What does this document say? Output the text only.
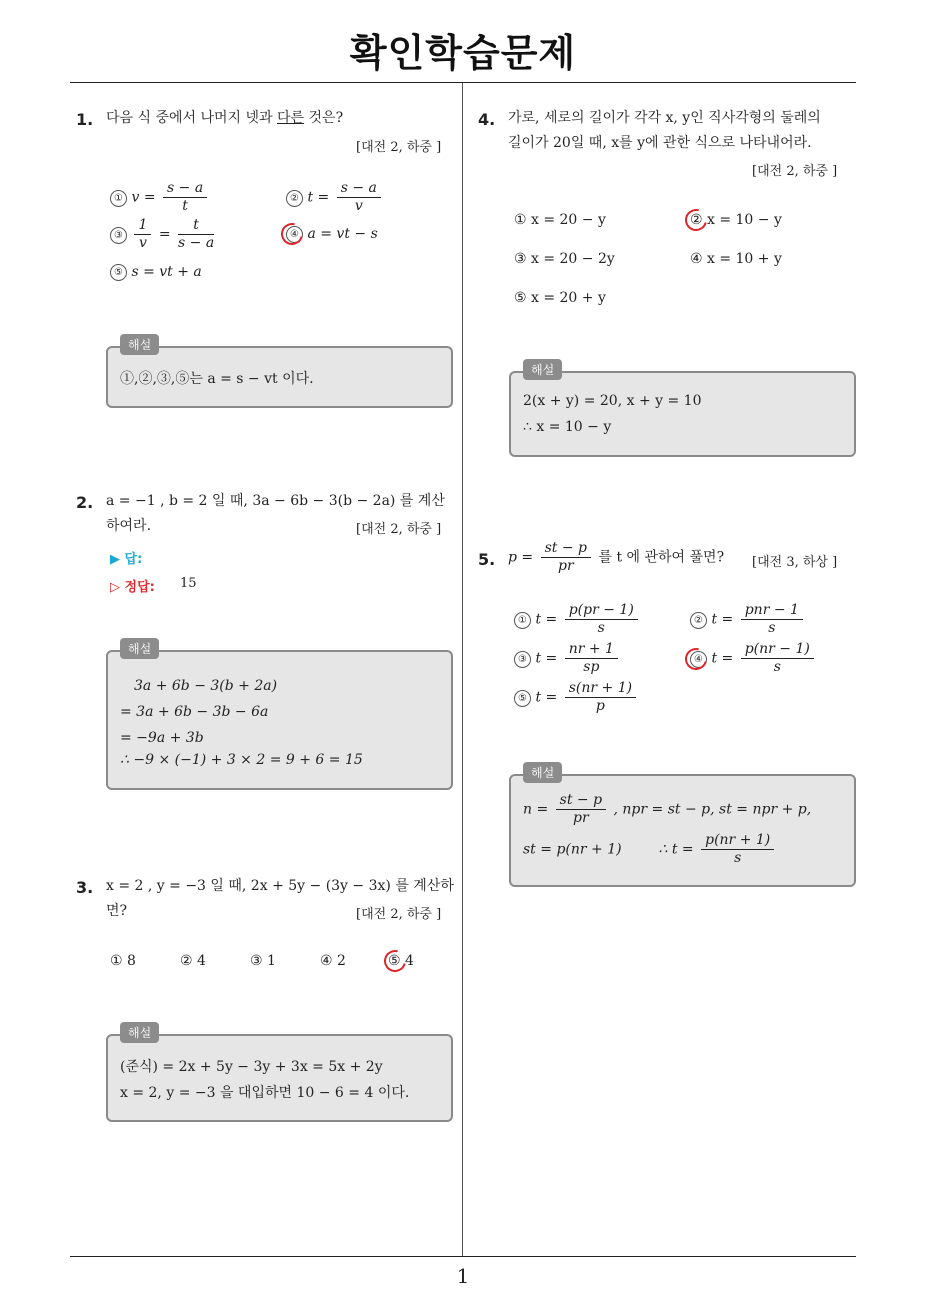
확인학습문제
1. 다음 식 중에서 나머지 넷과 다른 것은?
[대전 2, 하중 ]
① $v = \frac{s - a}{t}$	② $t = \frac{s - a}{v}$
③ $\frac{1}{v} = \frac{t}{s - a}$	④ a = vt − s
⑤ s = vt + a
해설
①,②,③,⑤는 a = s − vt 이다.
2. a = −1 , b = 2 일 때, 3a − 6b − 3(b − 2a) 를 계산
하여라.	[대전 2, 하중 ]
▶ 답:
▷ 정답: 15
해설
3a + 6b − 3(b + 2a)
= 3a + 6b − 3b − 6a
= −9a + 3b
∴ −9 × (−1) + 3 × 2 = 9 + 6 = 15
3. x = 2 , y = −3 일 때, 2x + 5y − (3y − 3x) 를 계산하
면?	[대전 2, 하중 ]
① 8	② 4	③ 1	④ 2	⑤ 4
해설
(준식) = 2x + 5y − 3y + 3x = 5x + 2y
x = 2, y = −3 을 대입하면 10 − 6 = 4 이다.
4. 가로, 세로의 길이가 각각 x, y인 직사각형의 둘레의
길이가 20일 때, x를 y에 관한 식으로 나타내어라.
[대전 2, 하중 ]
① x = 20 − y	② x = 10 − y
③ x = 20 − 2y	④ x = 10 + y
⑤ x = 20 + y
해설
2(x + y) = 20, x + y = 10
∴ x = 10 − y
5. $p = \frac{st - p}{pr}$ 를 t 에 관하여 풀면? [대전 3, 하상 ]
① $t = \frac{p(pr - 1)}{s}$	② $t = \frac{\text{pnr − 1}}{s}$
③ $t = \frac{nr + 1}{sp}$	④ $t = \frac{p(nr - 1)}{s}$
⑤ $t = \frac{s(nr + 1)}{p}$
해설
$n = \frac{st - p}{pr}$ , npr = st − p, st = npr + p,
st = p(nr + 1)	∴ $t = \frac{p(nr + 1)}{s}$
1
